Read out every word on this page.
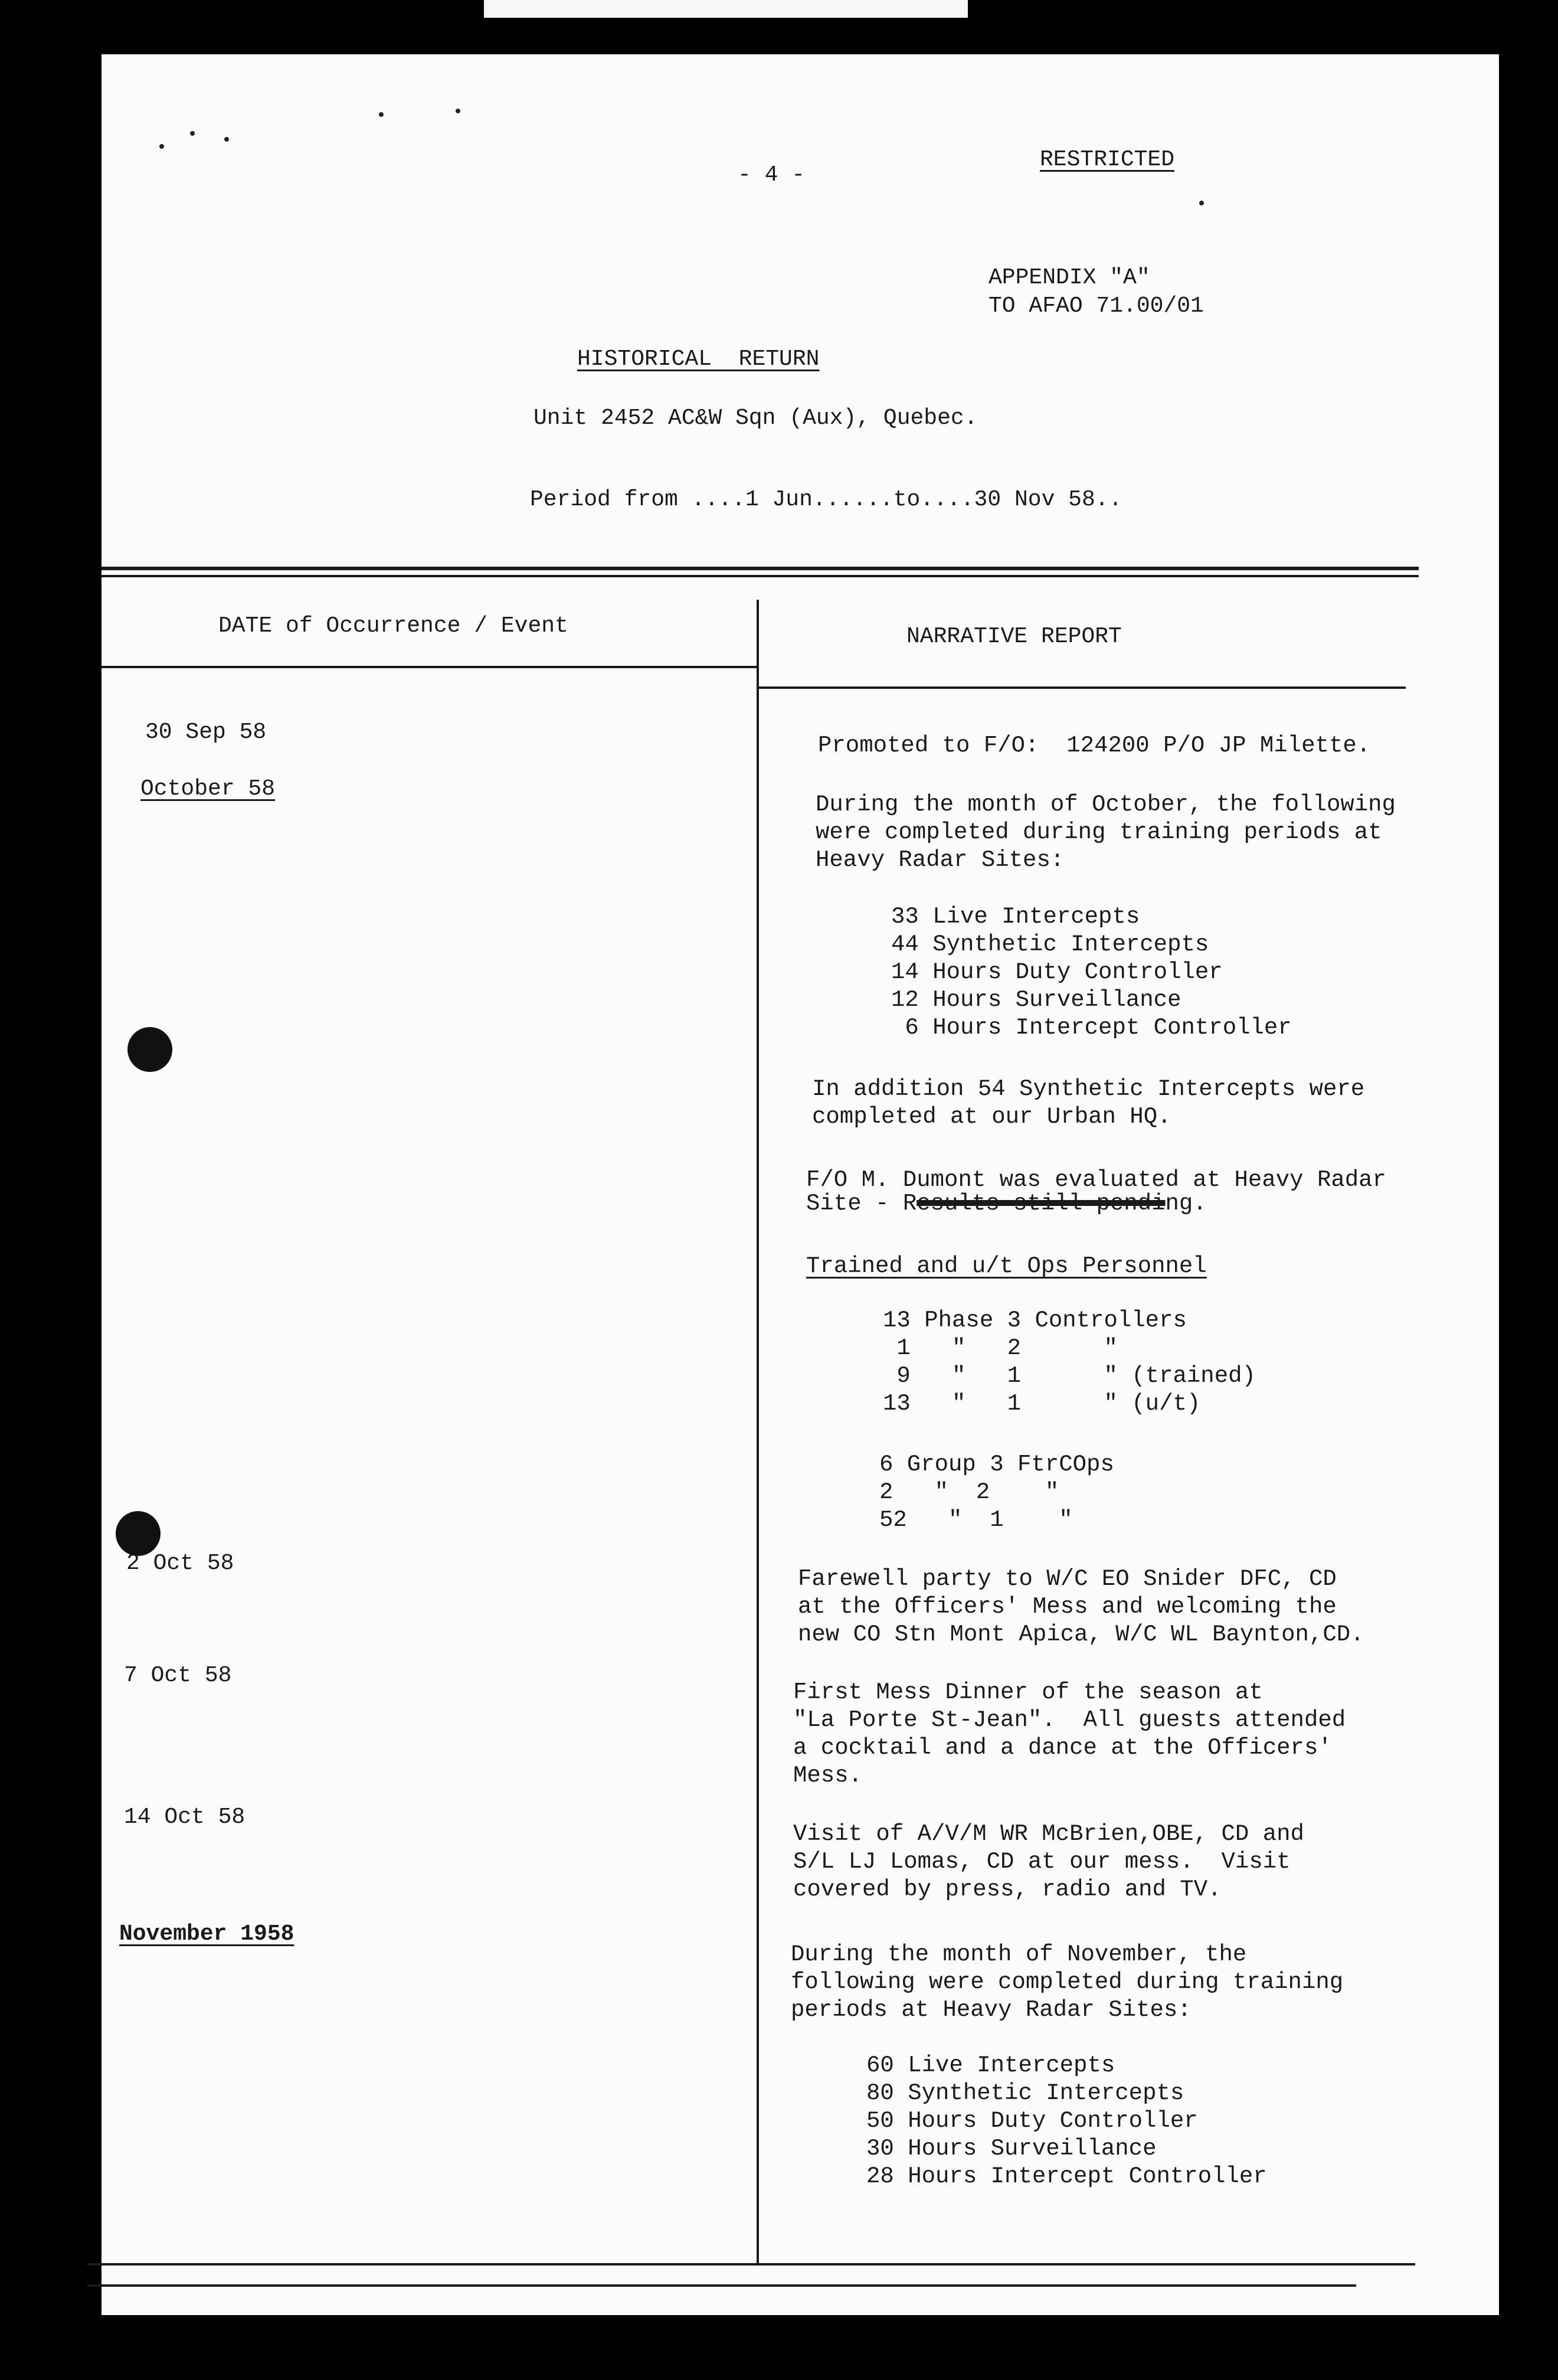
- 4 -
RESTRICTED
APPENDIX "A"
TO AFAO 71.00/01
HISTORICAL  RETURN
Unit 2452 AC&W Sqn (Aux), Quebec.
Period from ....1 Jun......to....30 Nov 58..
DATE of Occurrence / Event	NARRATIVE REPORT
30 Sep 58
October 58
2 Oct 58
7 Oct 58
14 Oct 58
November 1958
Promoted to F/O:  124200 P/O JP Milette.
During the month of October, the following
were completed during training periods at
Heavy Radar Sites:
33 Live Intercepts
44 Synthetic Intercepts
14 Hours Duty Controller
12 Hours Surveillance
6 Hours Intercept Controller
In addition 54 Synthetic Intercepts were
completed at our Urban HQ.
F/O M. Dumont was evaluated at Heavy Radar
Site - Results still pending.
Trained and u/t Ops Personnel
13 Phase 3 Controllers
1   "   2      "
9   "   1      " (trained)
13   "   1      " (u/t)
6 Group 3 FtrCOps
2   "  2    "
52   "  1    "
Farewell party to W/C EO Snider DFC, CD
at the Officers' Mess and welcoming the
new CO Stn Mont Apica, W/C WL Baynton,CD.
First Mess Dinner of the season at
"La Porte St-Jean".  All guests attended
a cocktail and a dance at the Officers'
Mess.
Visit of A/V/M WR McBrien,OBE, CD and
S/L LJ Lomas, CD at our mess.  Visit
covered by press, radio and TV.
During the month of November, the
following were completed during training
periods at Heavy Radar Sites:
60 Live Intercepts
80 Synthetic Intercepts
50 Hours Duty Controller
30 Hours Surveillance
28 Hours Intercept Controller
